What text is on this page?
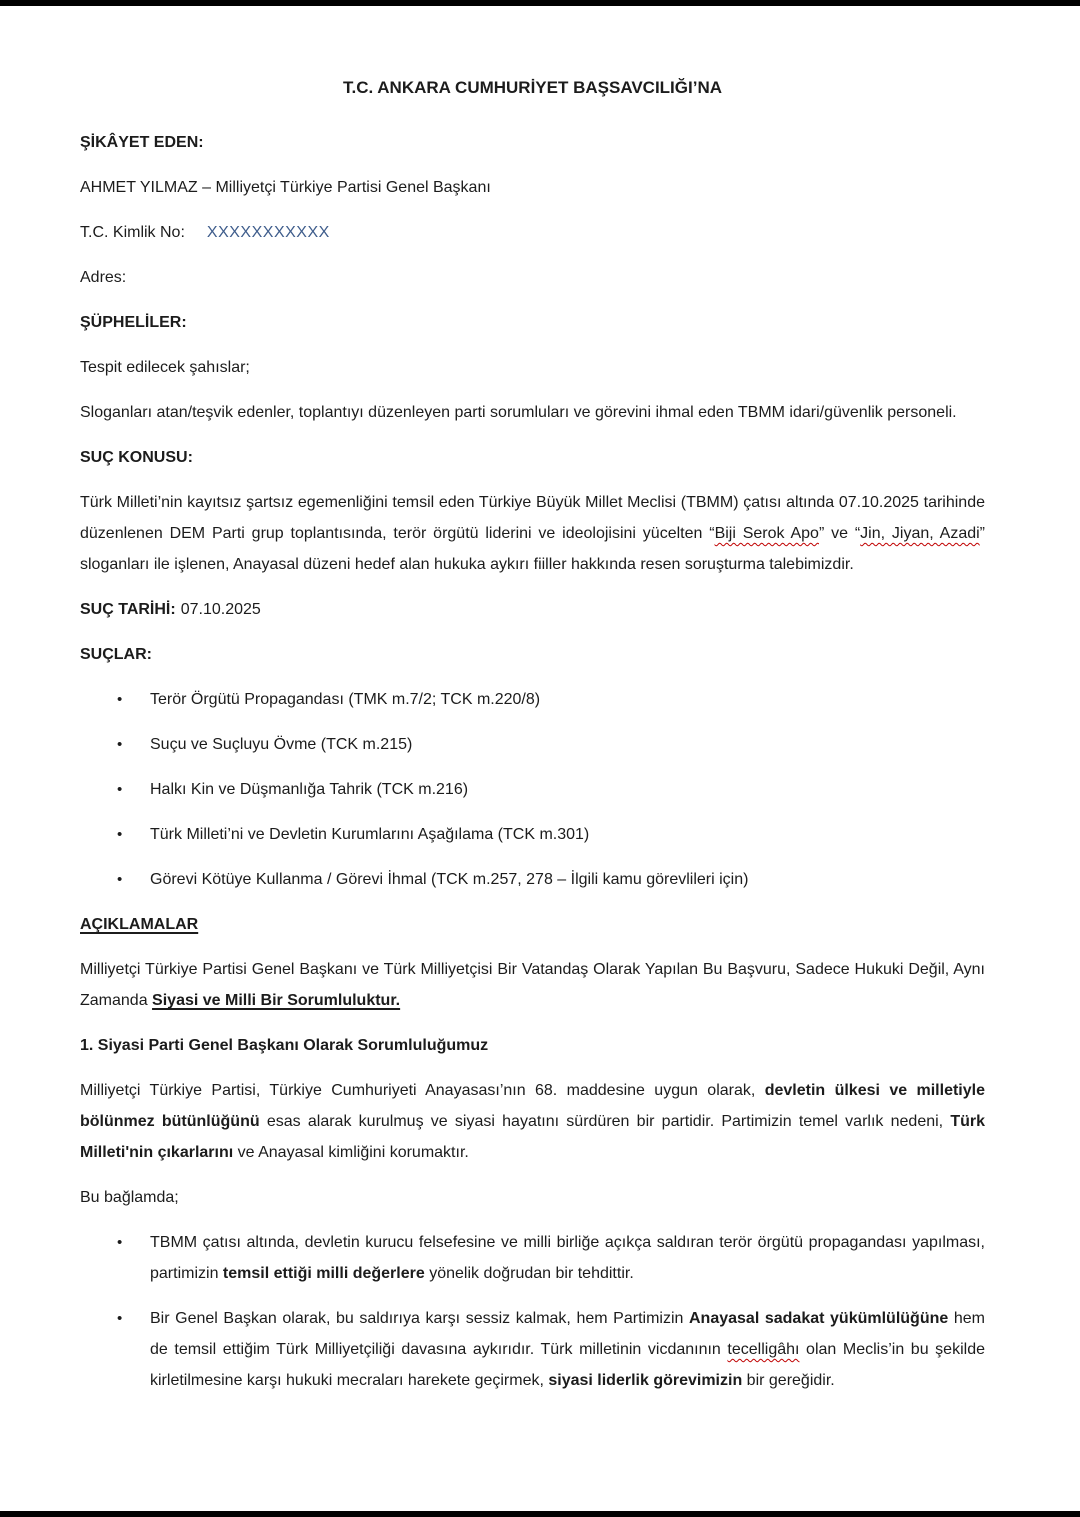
T.C. ANKARA CUMHURİYET BAŞSAVCILIĞI’NA

ŞİKÂYET EDEN:

AHMET YILMAZ – Milliyetçi Türkiye Partisi Genel Başkanı

T.C. Kimlik No: XXXXXXXXXXX

Adres:

ŞÜPHELİLER:

Tespit edilecek şahıslar;

Sloganları atan/teşvik edenler, toplantıyı düzenleyen parti sorumluları ve görevini ihmal eden TBMM idari/güvenlik personeli.

SUÇ KONUSU:

Türk Milleti’nin kayıtsız şartsız egemenliğini temsil eden Türkiye Büyük Millet Meclisi (TBMM) çatısı altında 07.10.2025 tarihinde düzenlenen DEM Parti grup toplantısında, terör örgütü liderini ve ideolojisini yücelten “Biji Serok Apo” ve “Jin, Jiyan, Azadi” sloganları ile işlenen, Anayasal düzeni hedef alan hukuka aykırı fiiller hakkında resen soruşturma talebimizdir.

SUÇ TARİHİ: 07.10.2025

SUÇLAR:

•	Terör Örgütü Propagandası (TMK m.7/2; TCK m.220/8)
•	Suçu ve Suçluyu Övme (TCK m.215)
•	Halkı Kin ve Düşmanlığa Tahrik (TCK m.216)
•	Türk Milleti’ni ve Devletin Kurumlarını Aşağılama (TCK m.301)
•	Görevi Kötüye Kullanma / Görevi İhmal (TCK m.257, 278 – İlgili kamu görevlileri için)
AÇIKLAMALAR

Milliyetçi Türkiye Partisi Genel Başkanı ve Türk Milliyetçisi Bir Vatandaş Olarak Yapılan Bu Başvuru, Sadece Hukuki Değil, Aynı Zamanda Siyasi ve Milli Bir Sorumluluktur.

1. Siyasi Parti Genel Başkanı Olarak Sorumluluğumuz

Milliyetçi Türkiye Partisi, Türkiye Cumhuriyeti Anayasası’nın 68. maddesine uygun olarak, devletin ülkesi ve milletiyle bölünmez bütünlüğünü esas alarak kurulmuş ve siyasi hayatını sürdüren bir partidir. Partimizin temel varlık nedeni, Türk Milleti'nin çıkarlarını ve Anayasal kimliğini korumaktır.

Bu bağlamda;

•	TBMM çatısı altında, devletin kurucu felsefesine ve milli birliğe açıkça saldıran terör örgütü propagandası yapılması, partimizin temsil ettiği milli değerlere yönelik doğrudan bir tehdittir.
•	Bir Genel Başkan olarak, bu saldırıya karşı sessiz kalmak, hem Partimizin Anayasal sadakat yükümlülüğüne hem de temsil ettiğim Türk Milliyetçiliği davasına aykırıdır. Türk milletinin vicdanının tecelligâhı olan Meclis’in bu şekilde kirletilmesine karşı hukuki mecraları harekete geçirmek, siyasi liderlik görevimizin bir gereğidir.
